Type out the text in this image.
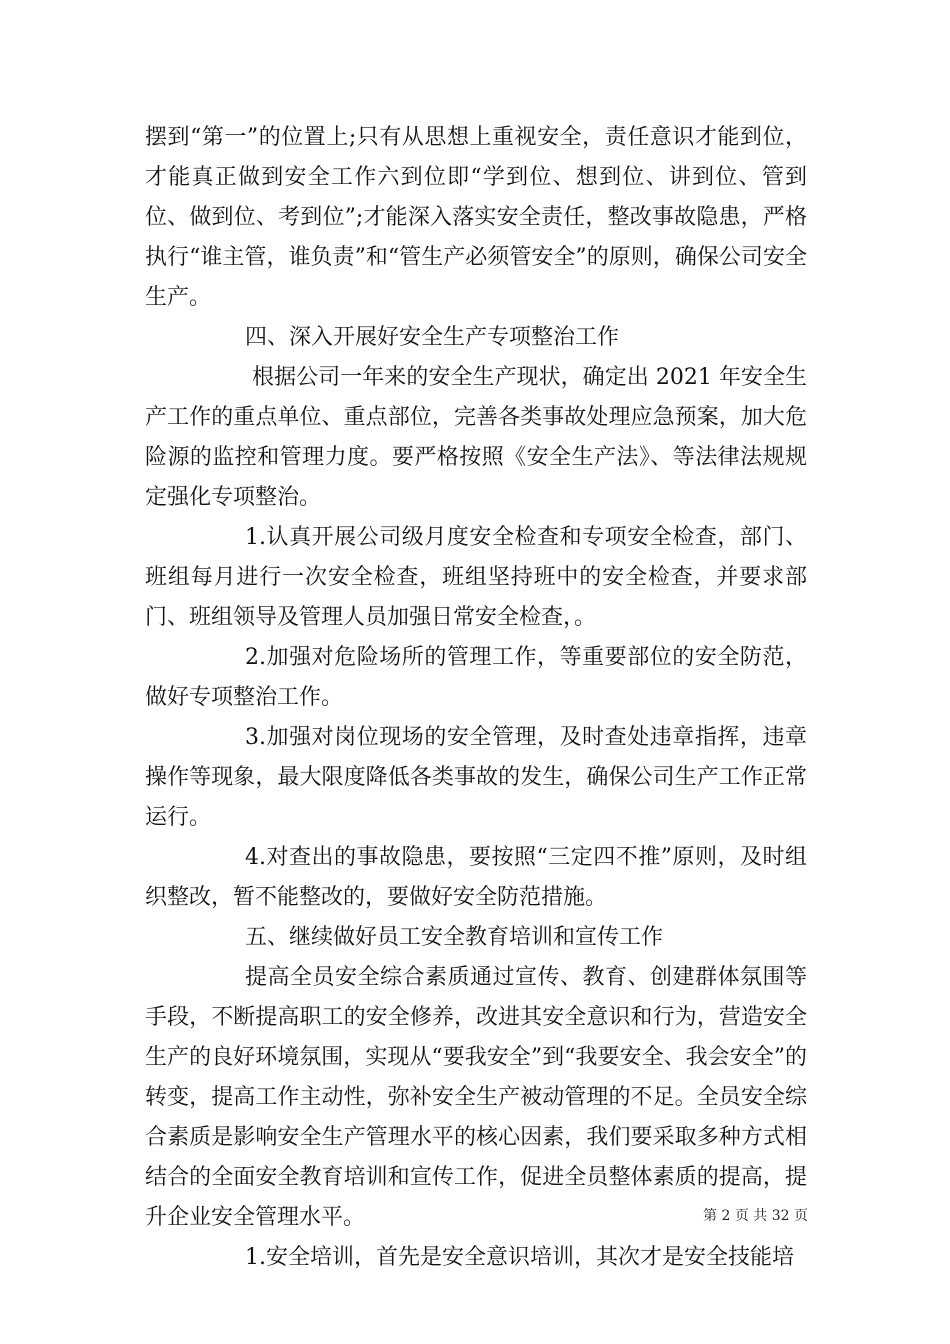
摆到“第一”的位置上;只有从思想上重视安全，责任意识才能到位，才能真正做到安全工作六到位即“学到位、想到位、讲到位、管到位、做到位、考到位”;才能深入落实安全责任，整改事故隐患，严格执行“谁主管，谁负责”和“管生产必须管安全”的原则，确保公司安全生产。

四、深入开展好安全生产专项整治工作

根据公司一年来的安全生产现状，确定出 2021 年安全生产工作的重点单位、重点部位，完善各类事故处理应急预案，加大危险源的监控和管理力度。要严格按照《安全生产法》、等法律法规规定强化专项整治。

1.认真开展公司级月度安全检查和专项安全检查，部门、班组每月进行一次安全检查，班组坚持班中的安全检查，并要求部门、班组领导及管理人员加强日常安全检查，。

2.加强对危险场所的管理工作，等重要部位的安全防范，做好专项整治工作。

3.加强对岗位现场的安全管理，及时查处违章指挥，违章操作等现象，最大限度降低各类事故的发生，确保公司生产工作正常运行。

4.对查出的事故隐患，要按照“三定四不推”原则，及时组织整改，暂不能整改的，要做好安全防范措施。

五、继续做好员工安全教育培训和宣传工作

提高全员安全综合素质通过宣传、教育、创建群体氛围等手段，不断提高职工的安全修养，改进其安全意识和行为，营造安全生产的良好环境氛围，实现从“要我安全”到“我要安全、我会安全”的转变，提高工作主动性，弥补安全生产被动管理的不足。全员安全综合素质是影响安全生产管理水平的核心因素，我们要采取多种方式相结合的全面安全教育培训和宣传工作，促进全员整体素质的提高，提升企业安全管理水平。

1.安全培训，首先是安全意识培训，其次才是安全技能培

第 2 页 共 32 页
